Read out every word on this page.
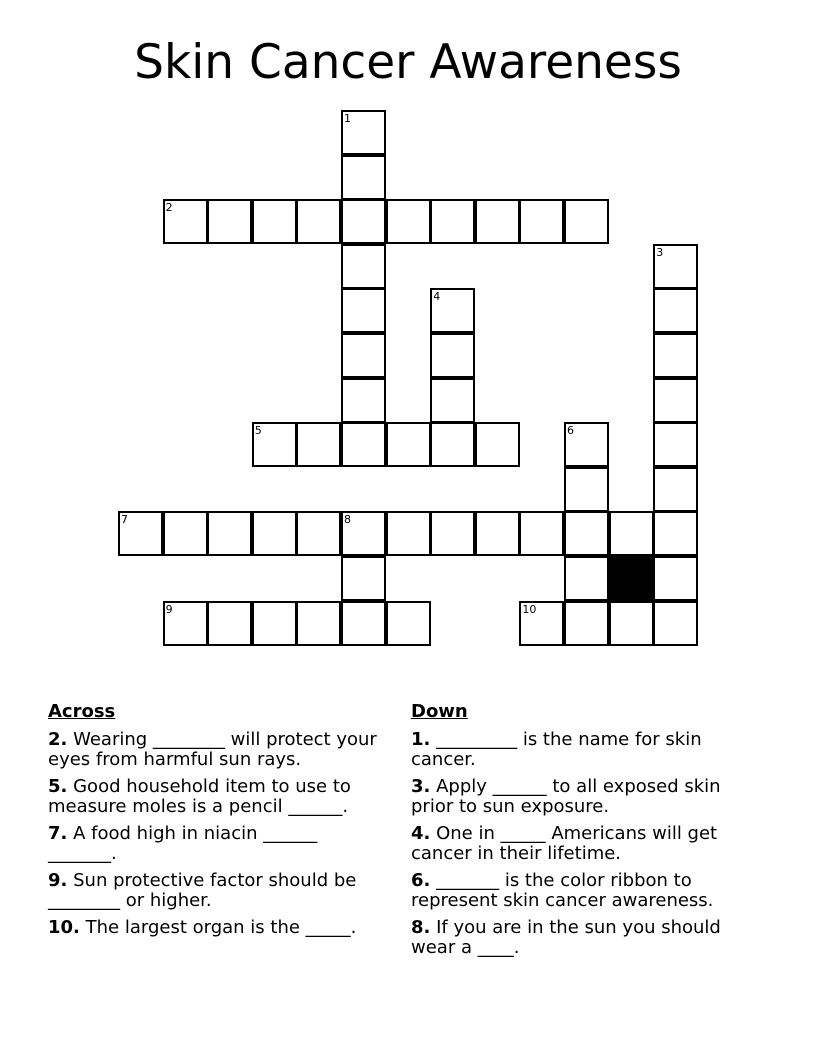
Skin Cancer Awareness
1
2
3
4
5	6
7	8
9	10
Across
2. Wearing ________ will protect your eyes from harmful sun rays.
5. Good household item to use to measure moles is a pencil ______.
7. A food high in niacin ______ _______.
9. Sun protective factor should be ________ or higher.
10. The largest organ is the _____.
Down
1. _________ is the name for skin cancer.
3. Apply ______ to all exposed skin prior to sun exposure.
4. One in _____ Americans will get cancer in their lifetime.
6. _______ is the color ribbon to represent skin cancer awareness.
8. If you are in the sun you should wear a ____.
